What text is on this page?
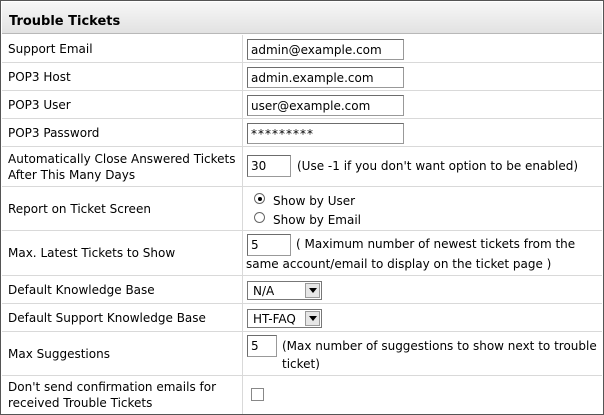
Trouble Tickets
Support Email
admin@example.com
POP3 Host
admin.example.com
POP3 User
user@example.com
POP3 Password
*********
Automatically Close Answered Tickets After This Many Days
30
(Use -1 if you don't want option to be enabled)
Report on Ticket Screen
Show by User
Show by Email
Max. Latest Tickets to Show
5
( Maximum number of newest tickets from the
same account/email to display on the ticket page )
Default Knowledge Base	N/A
Default Support Knowledge Base	HT-FAQ
Max Suggestions
5
(Max number of suggestions to show next to trouble
ticket)
Don't send confirmation emails for received Trouble Tickets
